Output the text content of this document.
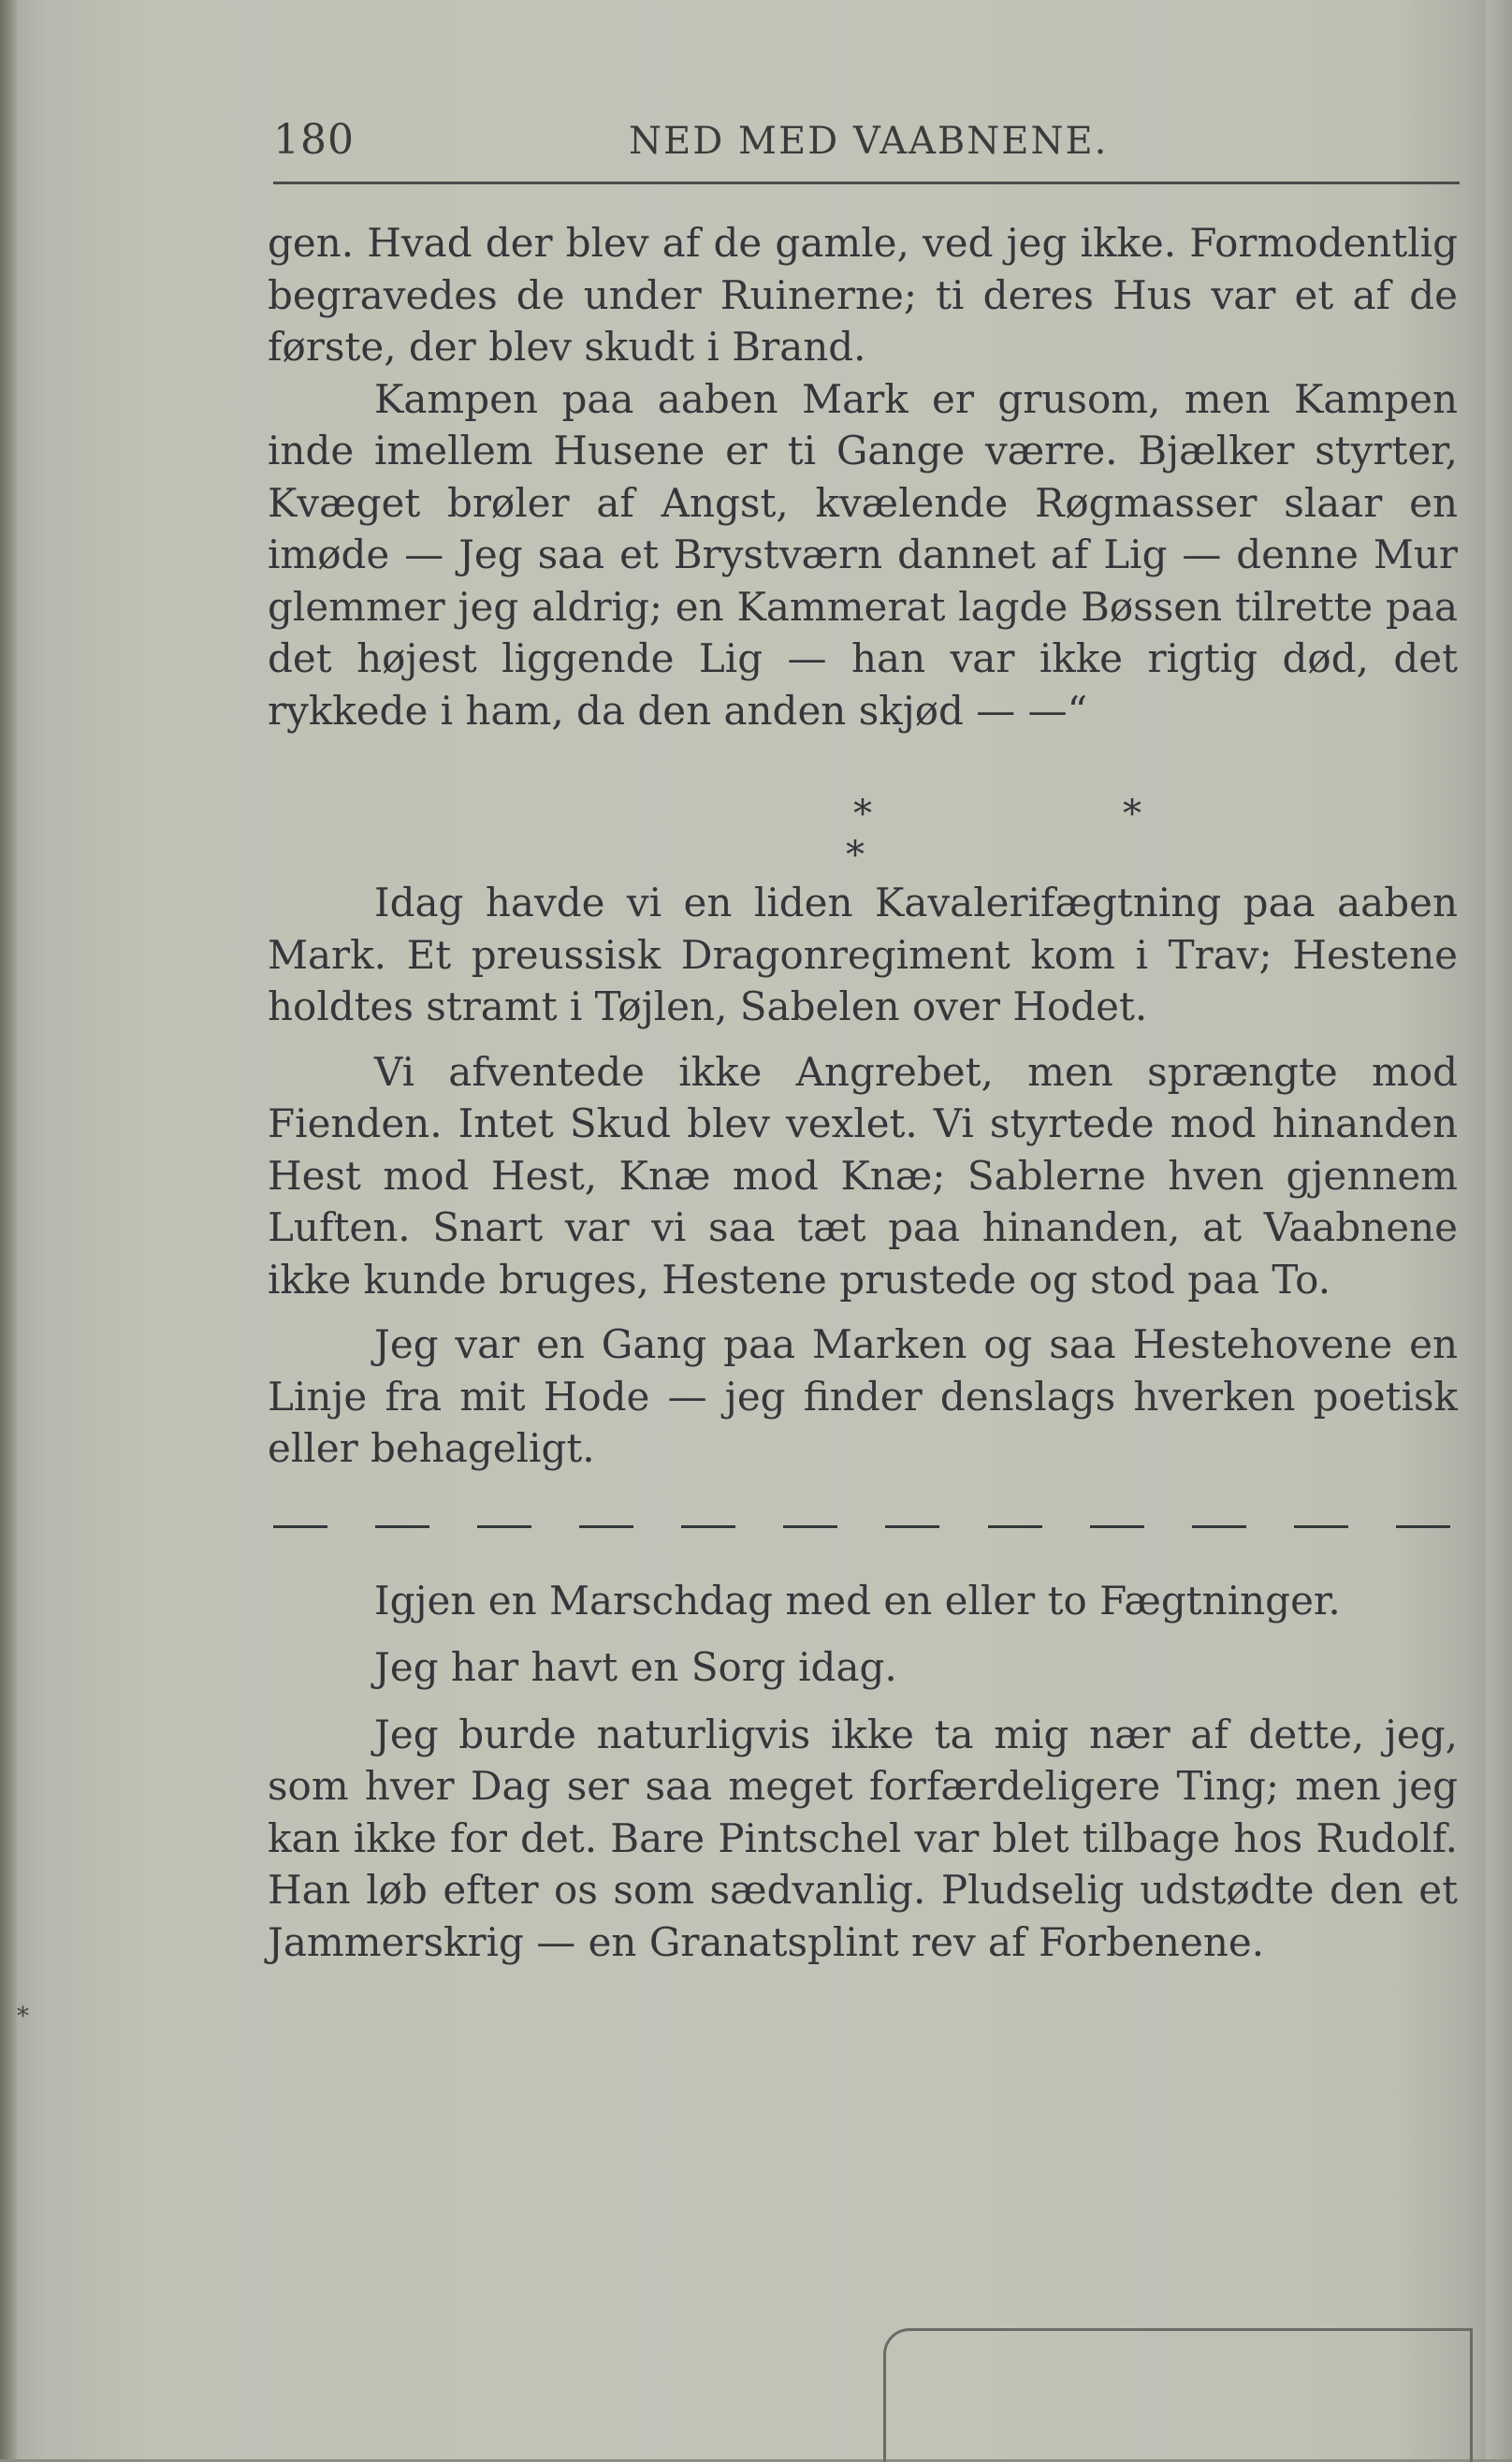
180	NED MED VAABNENE.

gen. Hvad der blev af de gamle, ved jeg ikke. Formodentlig begravedes de under Ruinerne; ti deres Hus var et af de første, der blev skudt i Brand.

Kampen paa aaben Mark er grusom, men Kampen inde imellem Husene er ti Gange værre. Bjælker styrter, Kvæget brøler af Angst, kvælende Røgmasser slaar en imøde — Jeg saa et Brystværn dannet af Lig — denne Mur glemmer jeg aldrig; en Kammerat lagde Bøssen tilrette paa det højest liggende Lig — han var ikke rigtig død, det rykkede i ham, da den anden skjød — —“

*
*	*

Idag havde vi en liden Kavalerifægtning paa aaben Mark. Et preussisk Dragonregiment kom i Trav; Hestene holdtes stramt i Tøjlen, Sabelen over Hodet.

Vi afventede ikke Angrebet, men sprængte mod Fienden. Intet Skud blev vexlet. Vi styrtede mod hinanden Hest mod Hest, Knæ mod Knæ; Sablerne hven gjennem Luften. Snart var vi saa tæt paa hinanden, at Vaabnene ikke kunde bruges, Hestene prustede og stod paa To.

Jeg var en Gang paa Marken og saa Hestehovene en Linje fra mit Hode — jeg finder denslags hverken poetisk eller behageligt.

Igjen en Marschdag med en eller to Fægtninger.

Jeg har havt en Sorg idag.

Jeg burde naturligvis ikke ta mig nær af dette, jeg, som hver Dag ser saa meget forfærdeligere Ting; men jeg kan ikke for det. Bare Pintschel var blet tilbage hos Rudolf. Han løb efter os som sædvanlig. Pludselig udstødte den et Jammerskrig — en Granatsplint rev af Forbenene.

*
